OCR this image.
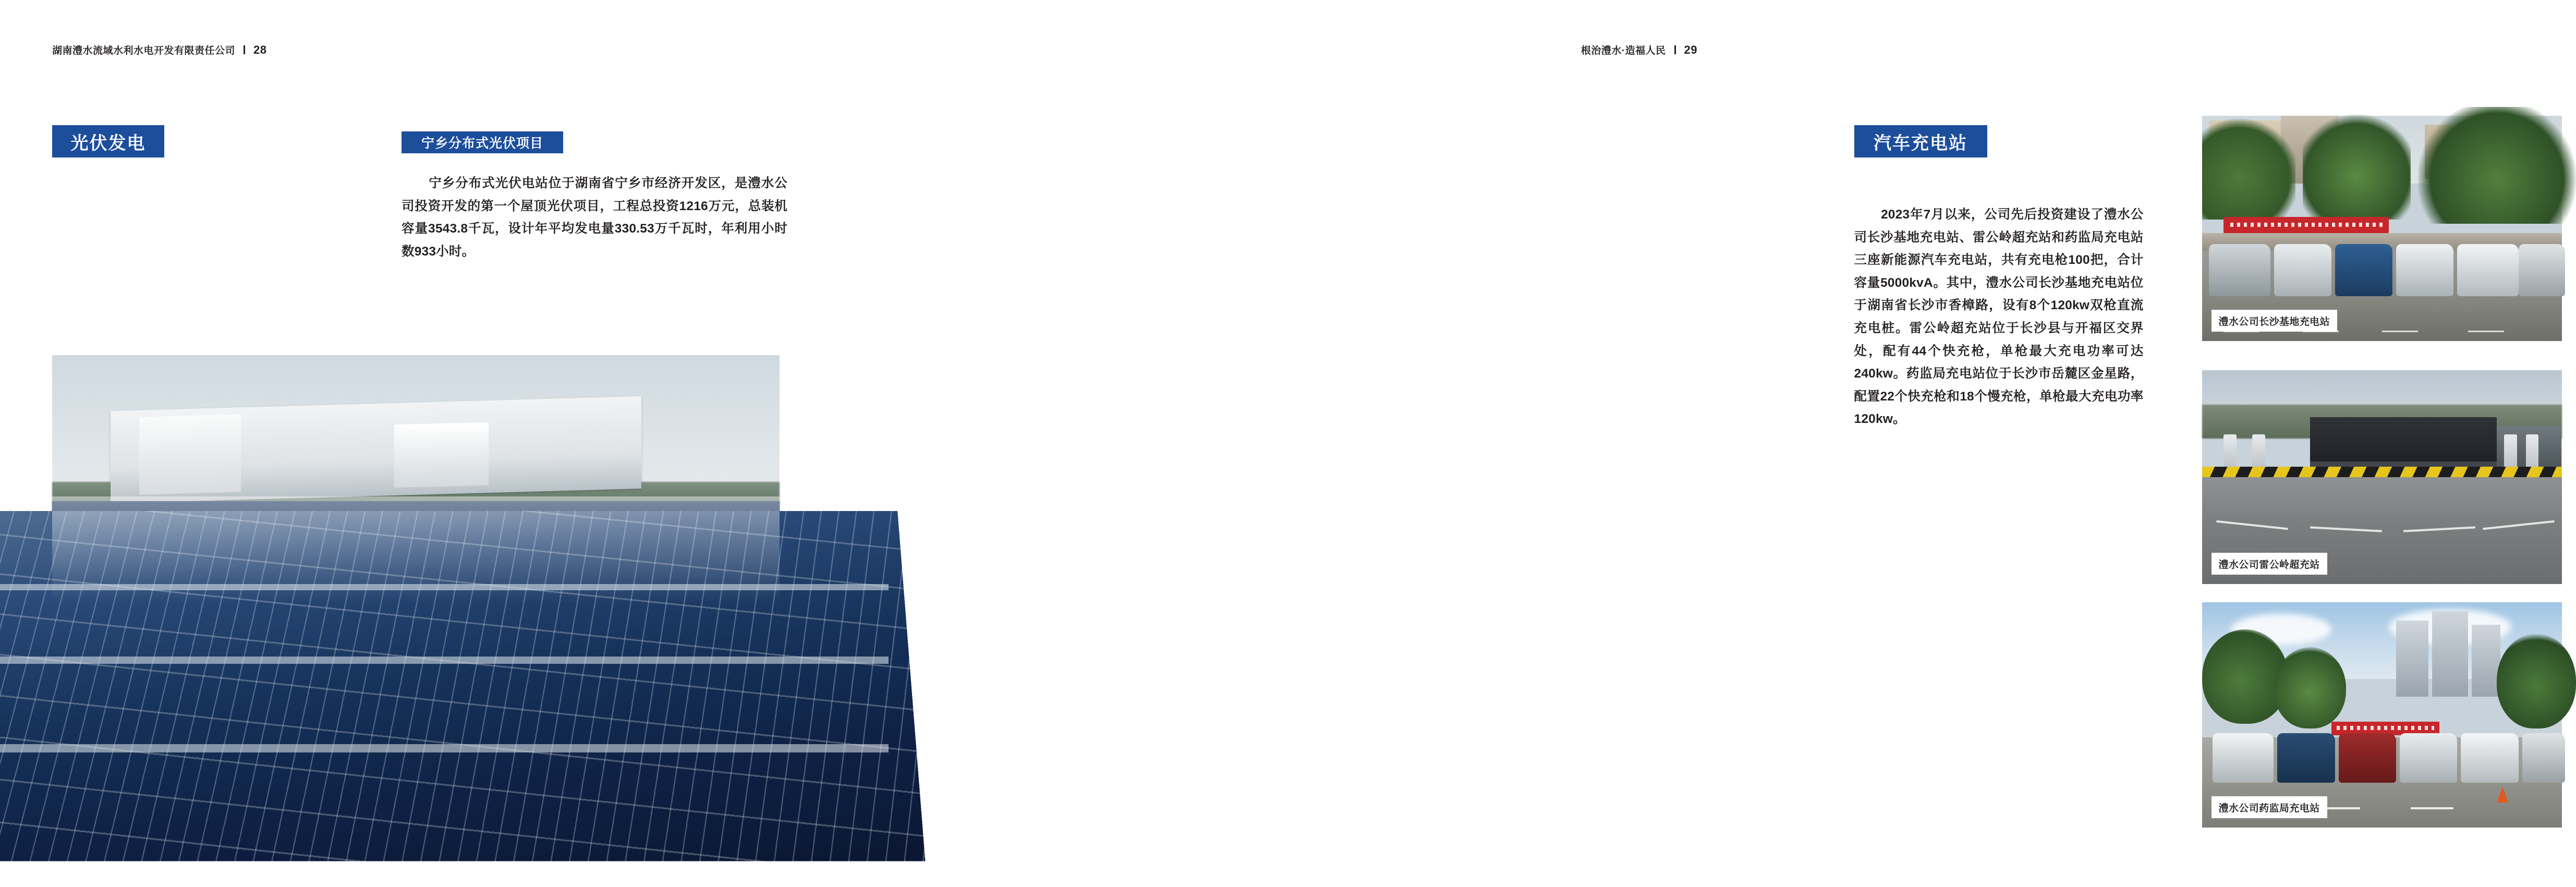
湖南澧水流域水利水电开发有限责任公司 28
光伏发电	宁乡分布式光伏项目
宁乡分布式光伏电站位于湖南省宁乡市经济开发区，是澧水公司投资开发的第一个屋顶光伏项目，工程总投资1216万元，总装机容量3543.8千瓦，设计年平均发电量330.53万千瓦时，年利用小时数933小时。
根治澧水·造福人民 29
汽车充电站
2023年7月以来，公司先后投资建设了澧水公司长沙基地充电站、雷公岭超充站和药监局充电站三座新能源汽车充电站，共有充电枪100把，合计容量5000kvA。其中，澧水公司长沙基地充电站位于湖南省长沙市香樟路，设有8个120kw双枪直流充电桩。雷公岭超充站位于长沙县与开福区交界处，配有44个快充枪，单枪最大充电功率可达240kw。药监局充电站位于长沙市岳麓区金星路，配置22个快充枪和18个慢充枪，单枪最大充电功率120kw。
澧水公司长沙基地充电站
澧水公司雷公岭超充站
澧水公司药监局充电站
